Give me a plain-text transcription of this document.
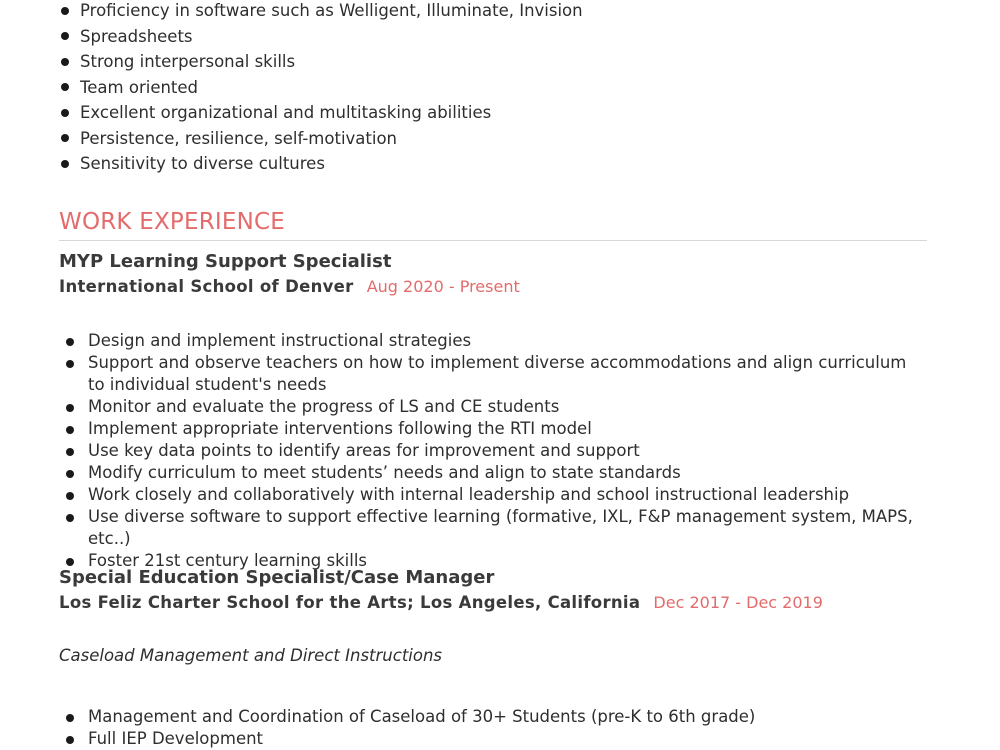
Proficiency in software such as Welligent, Illuminate, Invision
Spreadsheets
Strong interpersonal skills
Team oriented
Excellent organizational and multitasking abilities
Persistence, resilience, self-motivation
Sensitivity to diverse cultures
WORK EXPERIENCE
MYP Learning Support Specialist
International School of Denver Aug 2020 - Present
Design and implement instructional strategies
Support and observe teachers on how to implement diverse accommodations and align curriculum to individual student's needs
Monitor and evaluate the progress of LS and CE students
Implement appropriate interventions following the RTI model
Use key data points to identify areas for improvement and support
Modify curriculum to meet students’ needs and align to state standards
Work closely and collaboratively with internal leadership and school instructional leadership
Use diverse software to support effective learning (formative, IXL, F&P management system, MAPS, etc..)
Foster 21st century learning skills
Special Education Specialist/Case Manager
Los Feliz Charter School for the Arts; Los Angeles, California Dec 2017 - Dec 2019

Caseload Management and Direct Instructions

Management and Coordination of Caseload of 30+ Students (pre-K to 6th grade)
Full IEP Development
